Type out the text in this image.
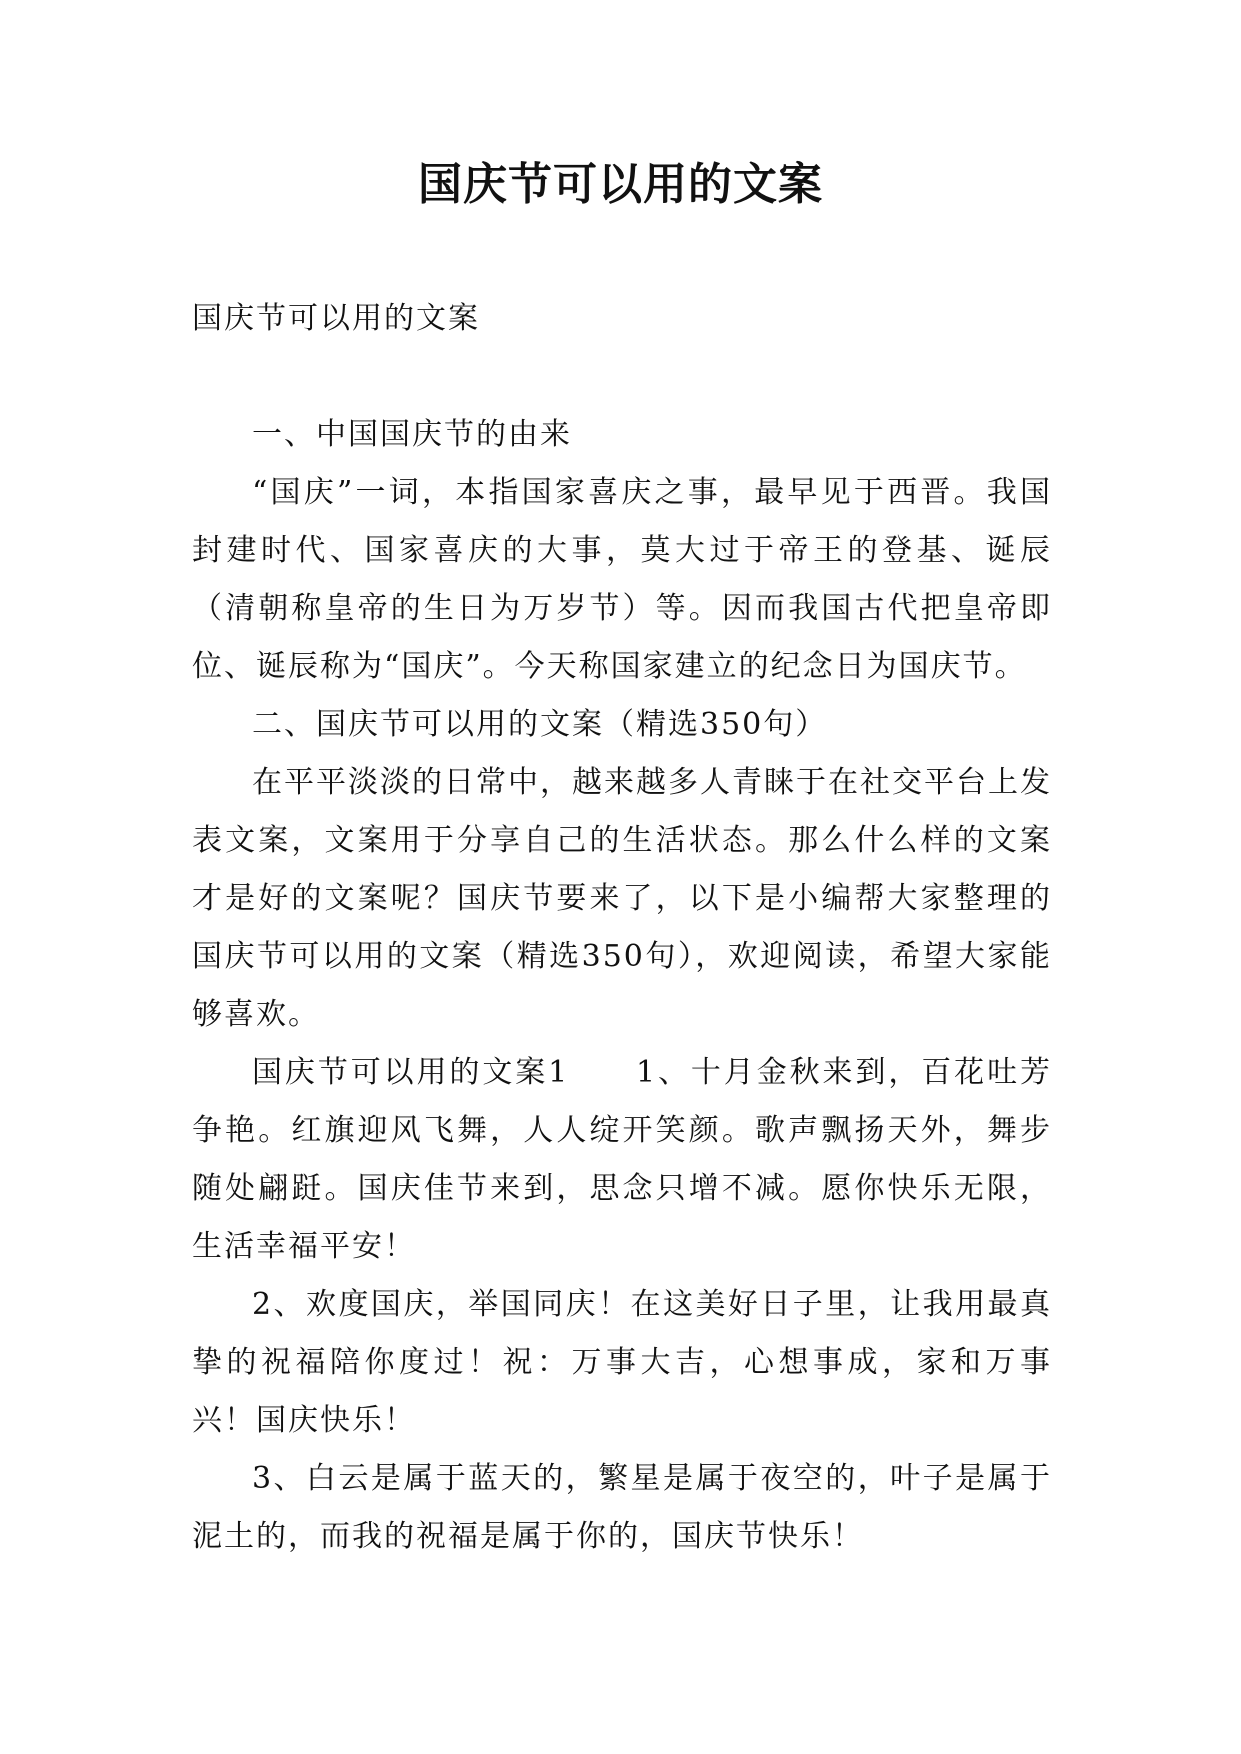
国庆节可以用的文案

国庆节可以用的文案

一、中国国庆节的由来

“国庆”一词，本指国家喜庆之事，最早见于西晋。我国封建时代、国家喜庆的大事，莫大过于帝王的登基、诞辰（清朝称皇帝的生日为万岁节）等。因而我国古代把皇帝即位、诞辰称为“国庆”。今天称国家建立的纪念日为国庆节。

二、国庆节可以用的文案（精选350句）

在平平淡淡的日常中，越来越多人青睐于在社交平台上发表文案，文案用于分享自己的生活状态。那么什么样的文案才是好的文案呢？国庆节要来了，以下是小编帮大家整理的国庆节可以用的文案（精选350句），欢迎阅读，希望大家能够喜欢。

国庆节可以用的文案1　　1、十月金秋来到，百花吐芳争艳。红旗迎风飞舞，人人绽开笑颜。歌声飘扬天外，舞步随处翩跹。国庆佳节来到，思念只增不减。愿你快乐无限，生活幸福平安！

2、欢度国庆，举国同庆！在这美好日子里，让我用最真挚的祝福陪你度过！祝：万事大吉，心想事成，家和万事兴！国庆快乐！

3、白云是属于蓝天的，繁星是属于夜空的，叶子是属于泥土的，而我的祝福是属于你的，国庆节快乐！
